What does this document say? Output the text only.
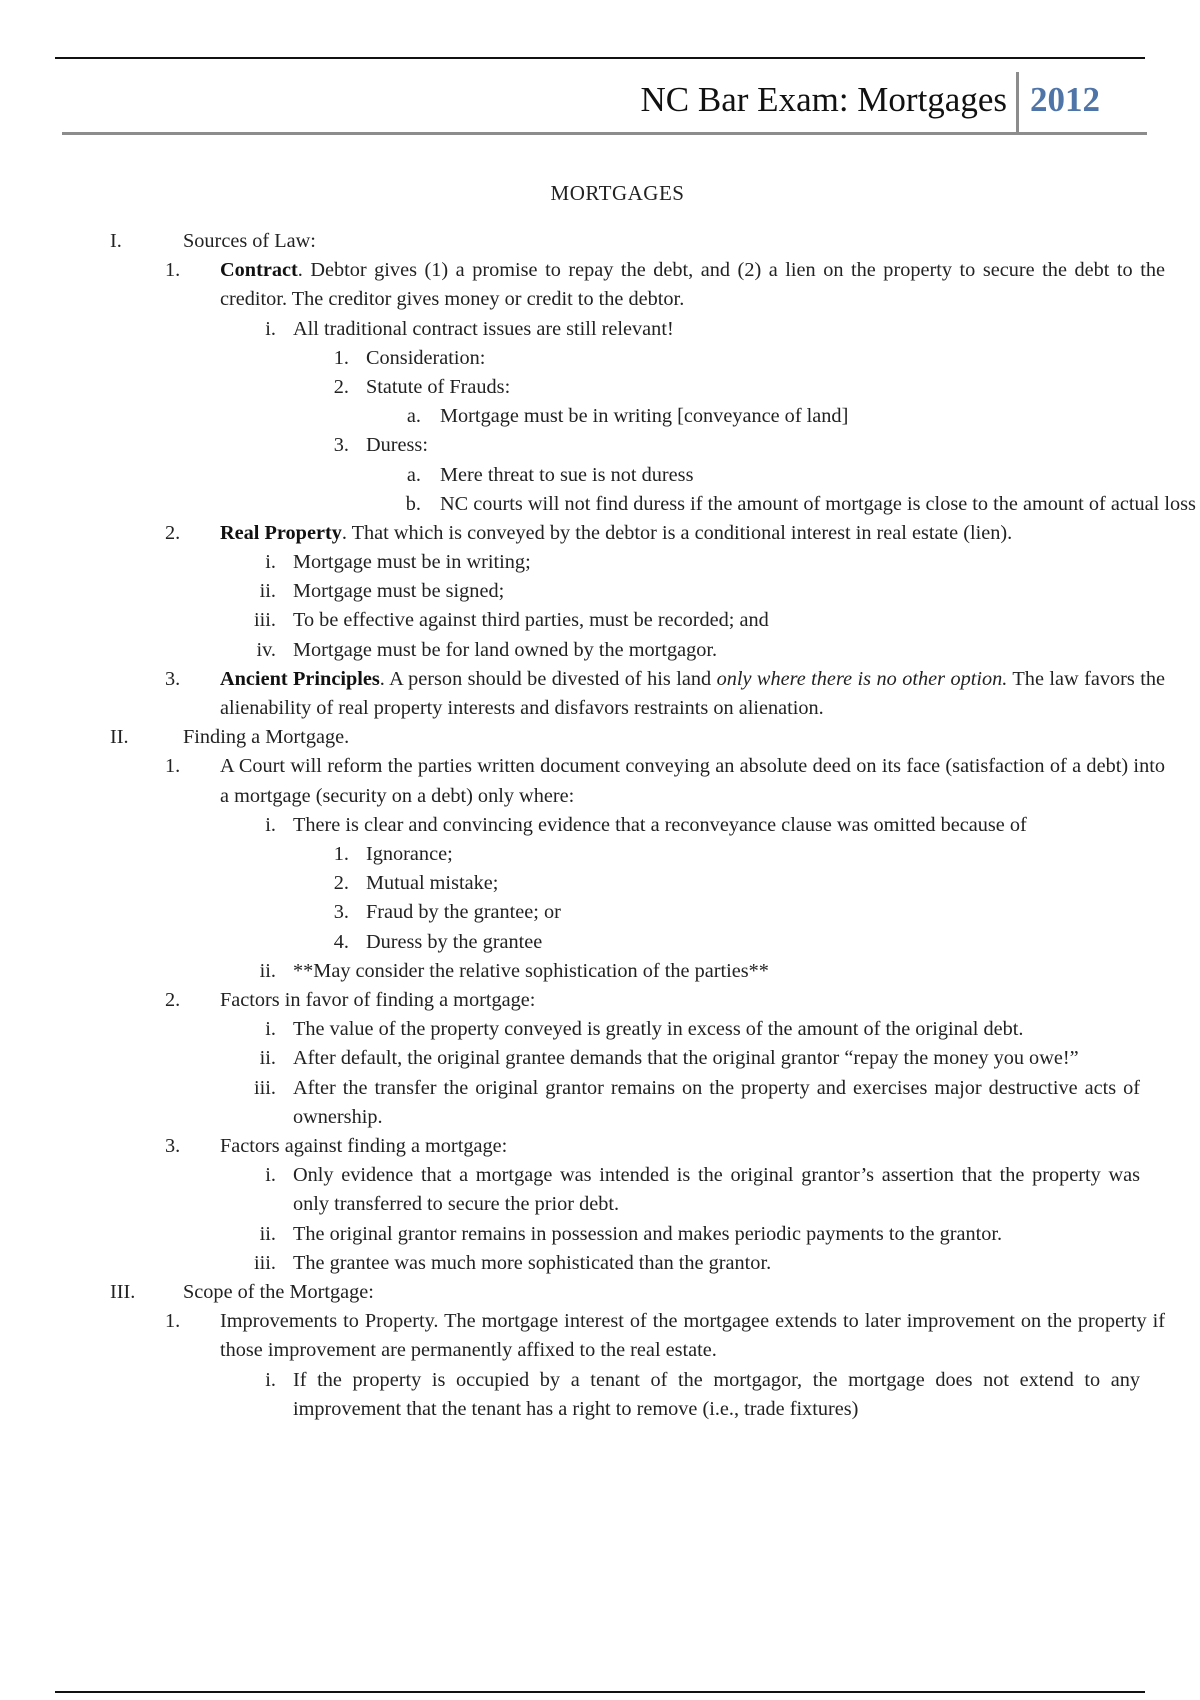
NC Bar Exam: Mortgages 2012
MORTGAGES
I.	Sources of Law:
1. Contract. Debtor gives (1) a promise to repay the debt, and (2) a lien on the property to secure the debt to the creditor. The creditor gives money or credit to the debtor.
i. All traditional contract issues are still relevant!
1. Consideration:
2. Statute of Frauds:
a. Mortgage must be in writing [conveyance of land]
3. Duress:
a. Mere threat to sue is not duress
b. NC courts will not find duress if the amount of mortgage is close to the amount of actual loss
2. Real Property. That which is conveyed by the debtor is a conditional interest in real estate (lien).
i. Mortgage must be in writing;
ii. Mortgage must be signed;
iii. To be effective against third parties, must be recorded; and
iv. Mortgage must be for land owned by the mortgagor.
3. Ancient Principles. A person should be divested of his land only where there is no other option. The law favors the alienability of real property interests and disfavors restraints on alienation.
II.	Finding a Mortgage.
1. A Court will reform the parties written document conveying an absolute deed on its face (satisfaction of a debt) into a mortgage (security on a debt) only where:
i. There is clear and convincing evidence that a reconveyance clause was omitted because of
1. Ignorance;
2. Mutual mistake;
3. Fraud by the grantee; or
4. Duress by the grantee
ii. **May consider the relative sophistication of the parties**
2. Factors in favor of finding a mortgage:
i. The value of the property conveyed is greatly in excess of the amount of the original debt.
ii. After default, the original grantee demands that the original grantor “repay the money you owe!”
iii. After the transfer the original grantor remains on the property and exercises major destructive acts of ownership.
3. Factors against finding a mortgage:
i. Only evidence that a mortgage was intended is the original grantor’s assertion that the property was only transferred to secure the prior debt.
ii. The original grantor remains in possession and makes periodic payments to the grantor.
iii. The grantee was much more sophisticated than the grantor.
III. Scope of the Mortgage:
1. Improvements to Property. The mortgage interest of the mortgagee extends to later improvement on the property if those improvement are permanently affixed to the real estate.
i. If the property is occupied by a tenant of the mortgagor, the mortgage does not extend to any improvement that the tenant has a right to remove (i.e., trade fixtures)
